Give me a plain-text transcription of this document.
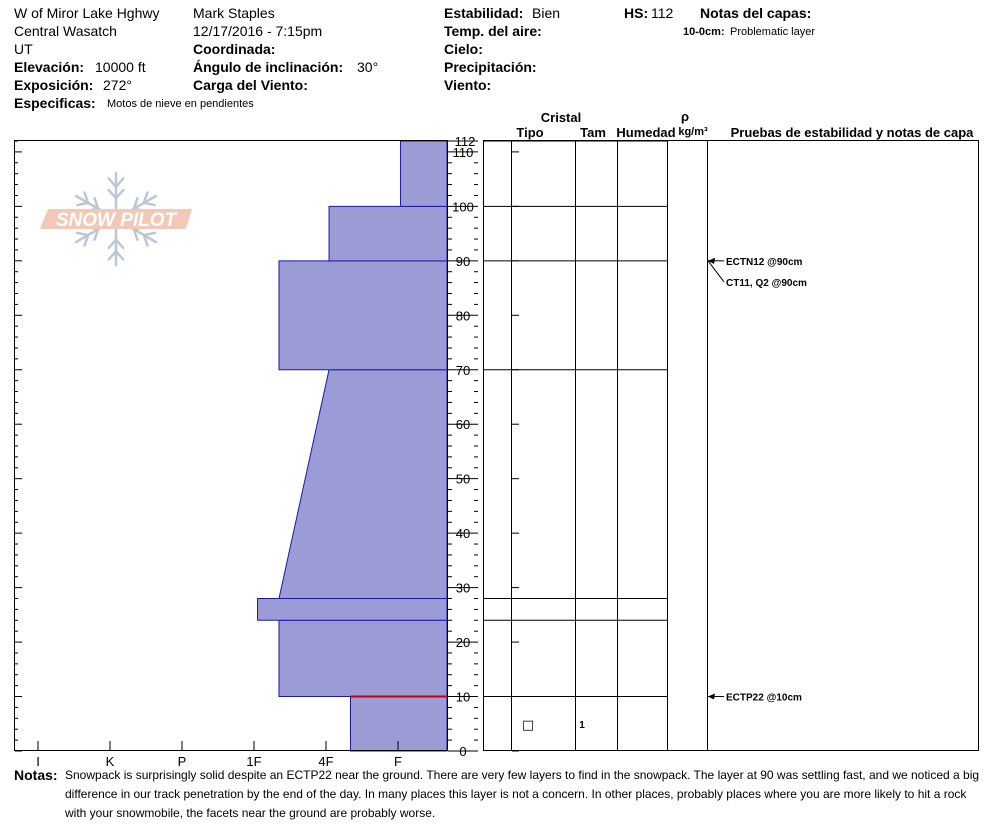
W of Miror Lake Hghwy
Central Wasatch
UT
Elevación: 10000 ft
Exposición: 272°
Especificas: Motos de nieve en pendientes
Mark Staples
12/17/2016 - 7:15pm
Coordinada:
Ángulo de inclinación: 30°
Carga del Viento:
Estabilidad: Bien
Temp. del aire:
Cielo:
Precipitación:
Viento:
HS: 112 Notas del capas:
10-0cm: Problematic layer
0
10
20
30
40
50
60
70
80
90
100
110
112
I	K	P	1F	4F	F
□	1
ECTN12 @90cm
CT11, Q2 @90cm
ECTP22 @10cm
SNOW PILOT
Cristal
Tipo	Tam Humedad
ρ
kg/m³ Pruebas de estabilidad y notas de capa
Notas: Snowpack is surprisingly solid despite an ECTP22 near the ground. There are very few layers to find in the snowpack. The layer at 90 was settling fast, and we noticed a big difference in our track penetration by the end of the day. In many places this layer is not a concern. In other places, probably places where you are more likely to hit a rock with your snowmobile, the facets near the ground are probably worse.
